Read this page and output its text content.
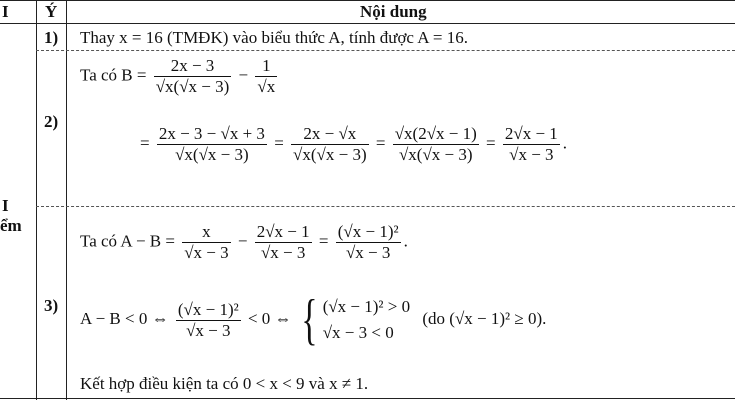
I Ý	Nội dung
I
ểm
1) Thay x = 16 (TMĐK) vào biểu thức A, tính được A = 16.
2)
Ta có $B = \frac{2x - 3}{√x(√x - 3)} - \frac{1}{√x}$
= $\frac{2x - 3 - √x + 3}{√x(√x - 3)} = \frac{2x - √x}{√x(√x - 3)} = \frac{√x(2√x - 1)}{√x(√x - 3)} = \frac{2√x - 1}{√x - 3}$ .
3)
Ta có $A - B = \frac{x}{√x - 3} - \frac{2√x - 1}{√x - 3} = \frac{\text{(√x − 1)²}}{√x - 3}$ .
A − B < 0 ⇔ $\frac{\text{(√x − 1)²}}{√x - 3} < 0$ ⇔ { (√x − 1)² > 0
√x − 3 < 0 (do (√x − 1)² ≥ 0).
Kết hợp điều kiện ta có 0 < x < 9 và x ≠ 1.
